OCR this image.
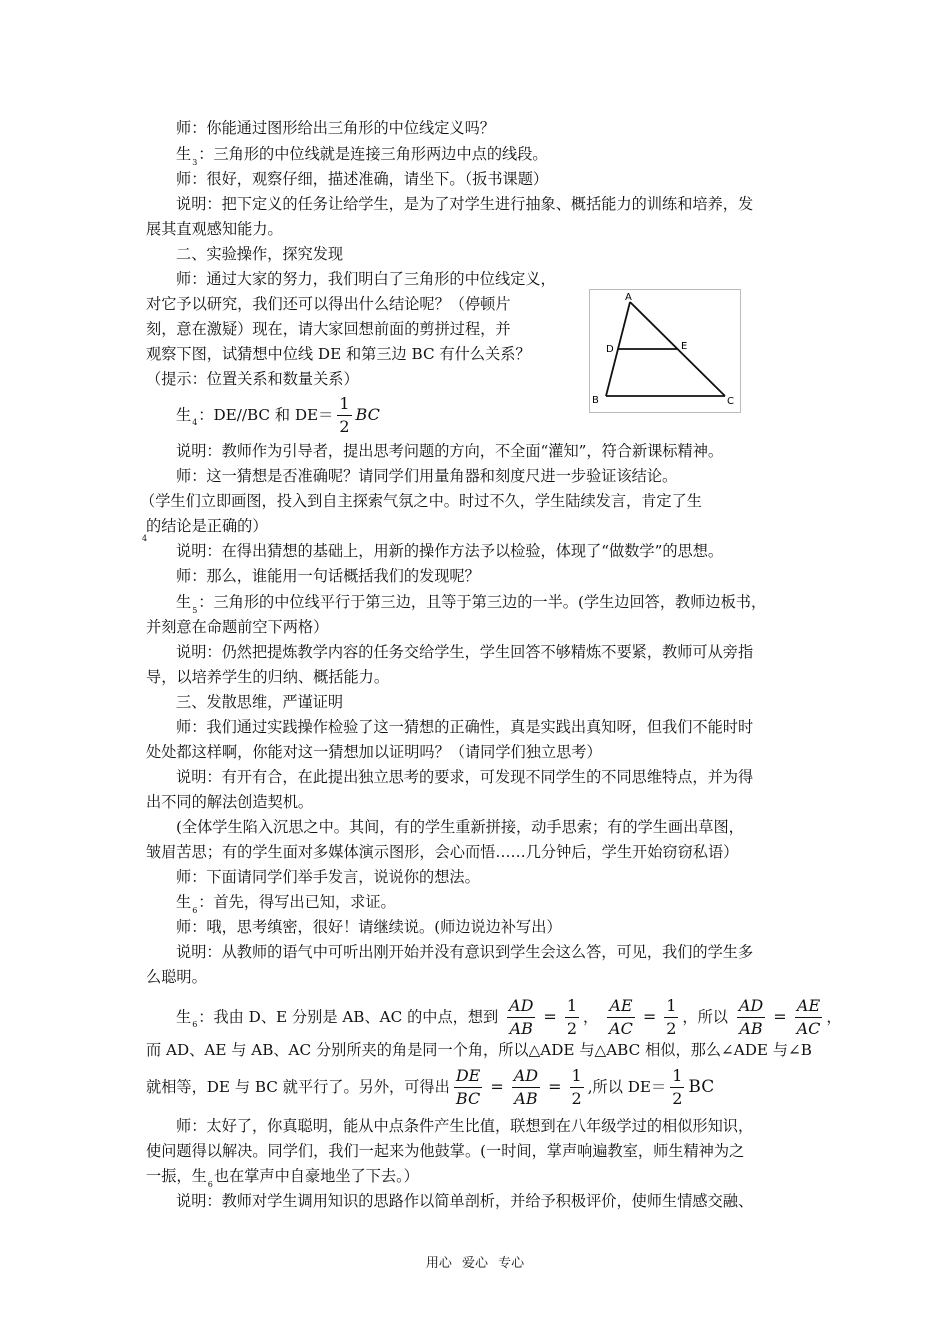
师：你能通过图形给出三角形的中位线定义吗？
生$_3$：三角形的中位线就是连接三角形两边中点的线段。
师：很好，观察仔细，描述准确，请坐下。（扳书课题）
说明：把下定义的任务让给学生，是为了对学生进行抽象、概括能力的训练和培养，发
展其直观感知能力。
二、实验操作，探究发现
师：通过大家的努力，我们明白了三角形的中位线定义，
对它予以研究，我们还可以得出什么结论呢？（停顿片
刻，意在激疑）现在，请大家回想前面的剪拼过程，并
观察下图，试猜想中位线 DE 和第三边 BC 有什么关系？
（提示：位置关系和数量关系）
生$_4$：DE//BC 和 $DE= \frac{1}{2}$ BC
说明：教师作为引导者，提出思考问题的方向，不全面“灌知”，符合新课标精神。
师：这一猜想是否准确呢？请同学们用量角器和刻度尺进一步验证该结论。
（学生们立即画图，投入到自主探索气氛之中。时过不久，学生陆续发言，肯定了生
4
的结论是正确的）
说明：在得出猜想的基础上，用新的操作方法予以检验，体现了“做数学”的思想。
师：那么，谁能用一句话概括我们的发现呢？
生$_5$：三角形的中位线平行于第三边，且等于第三边的一半。(学生边回答，教师边板书，
并刻意在命题前空下两格）
说明：仍然把提炼教学内容的任务交给学生，学生回答不够精炼不要紧，教师可从旁指
导，以培养学生的归纳、概括能力。
三、发散思维，严谨证明
师：我们通过实践操作检验了这一猜想的正确性，真是实践出真知呀，但我们不能时时
处处都这样啊，你能对这一猜想加以证明吗？（请同学们独立思考）
说明：有开有合，在此提出独立思考的要求，可发现不同学生的不同思维特点，并为得
出不同的解法创造契机。
(全体学生陷入沉思之中。其间，有的学生重新拼接，动手思索；有的学生画出草图，
皱眉苦思；有的学生面对多媒体演示图形，会心而悟……几分钟后，学生开始窃窃私语）
师：下面请同学们举手发言，说说你的想法。
生$_6$：首先，得写出已知，求证。
师：哦，思考缜密，很好！请继续说。(师边说边补写出）
说明：从教师的语气中可听出刚开始并没有意识到学生会这么答，可见，我们的学生多
么聪明。
生$_6$：我由 D、E 分别是 AB、AC 的中点，想到 $\frac{AD}{AB} = \frac{1}{2}$ ， $\frac{AE}{AC} = \frac{1}{2}$ ，所以 $\frac{AD}{AB} = \frac{AE}{AC}$ ，
而 AD、AE 与 AB、AC 分别所夹的角是同一个角，所以△ADE 与△ABC 相似，那么∠ADE 与∠B
就相等，DE 与 BC 就平行了。另外，可得出 $\frac{DE}{BC} = \frac{AD}{AB} = \frac{1}{2}$ ,所以 $DE= \frac{1}{2}$ BC
师：太好了，你真聪明，能从中点条件产生比值，联想到在八年级学过的相似形知识，
使问题得以解决。同学们，我们一起来为他鼓掌。(一时间，掌声响遍教室，师生精神为之
一振，生$_6$也在掌声中自豪地坐了下去。）
说明：教师对学生调用知识的思路作以简单剖析，并给予积极评价，使师生情感交融、
A
B	C
D	E
用心 爱心 专心
